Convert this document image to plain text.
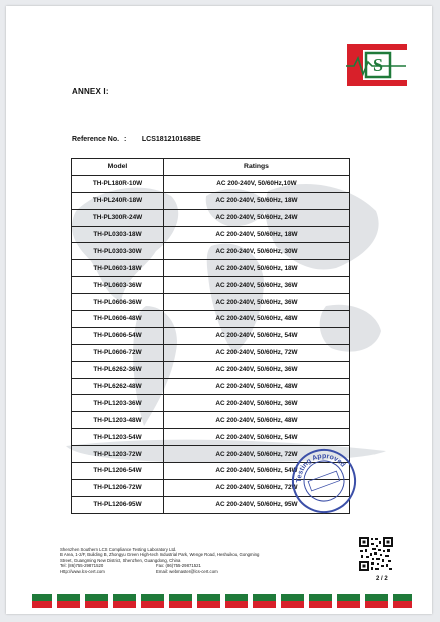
S
ANNEX I:
Reference No. : LCS181210168BE
Model	Ratings
TH-PL180R-10W	AC 200-240V, 50/60Hz,10W
TH-PL240R-18W	AC 200-240V, 50/60Hz, 18W
TH-PL300R-24W	AC 200-240V, 50/60Hz, 24W
TH-PL0303-18W	AC 200-240V, 50/60Hz, 18W
TH-PL0303-30W	AC 200-240V, 50/60Hz, 30W
TH-PL0603-18W	AC 200-240V, 50/60Hz, 18W
TH-PL0603-36W	AC 200-240V, 50/60Hz, 36W
TH-PL0606-36W	AC 200-240V, 50/60Hz, 36W
TH-PL0606-48W	AC 200-240V, 50/60Hz, 48W
TH-PL0606-54W	AC 200-240V, 50/60Hz, 54W
TH-PL0606-72W	AC 200-240V, 50/60Hz, 72W
TH-PL6262-36W	AC 200-240V, 50/60Hz, 36W
TH-PL6262-48W	AC 200-240V, 50/60Hz, 48W
TH-PL1203-36W	AC 200-240V, 50/60Hz, 36W
TH-PL1203-48W	AC 200-240V, 50/60Hz, 48W
TH-PL1203-54W	AC 200-240V, 50/60Hz, 54W
TH-PL1203-72W	AC 200-240V, 50/60Hz, 72W
TH-PL1206-54W	AC 200-240V, 50/60Hz, 54W
TH-PL1206-72W	AC 200-240V, 50/60Hz, 72W
TH-PL1206-95W	AC 200-240V, 50/60Hz, 95W
Testing Approved
Shenzhen Southern LCS Compliance Testing Laboratory Ltd.
B Area, 1-2/F, Building B, Zhongyu Green High-tech Industrial Park, Wenge Road, Heshuikou, Gongming
Street, Guangming New District, Shenzhen, Guangdong, China
Tel: (86)755-29871520	Fax: (86)755-29871521
Http://www.lcs-cert.com	Email: webmaster@lcs-cert.com
2 / 2
